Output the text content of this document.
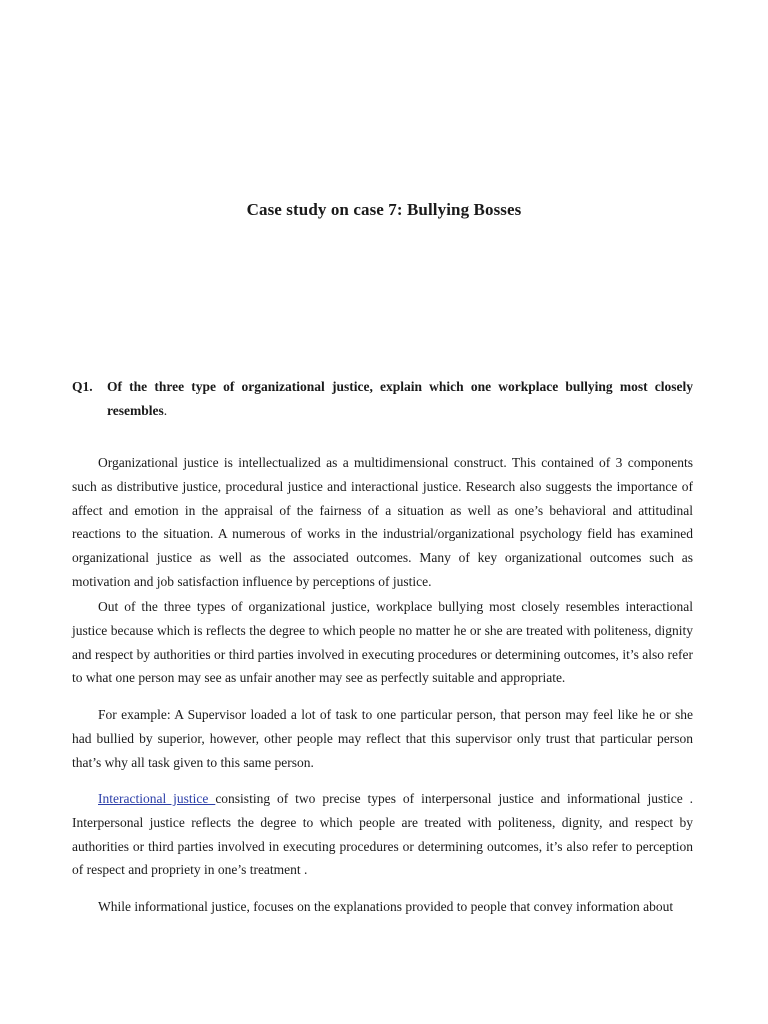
Case study on case 7: Bullying Bosses
Q1.	Of the three type of organizational justice, explain which one workplace bullying most closely resembles.

Organizational justice is intellectualized as a multidimensional construct. This contained of 3 components such as distributive justice, procedural justice and interactional justice. Research also suggests the importance of affect and emotion in the appraisal of the fairness of a situation as well as one’s behavioral and attitudinal reactions to the situation. A numerous of works in the industrial/organizational psychology field has examined organizational justice as well as the associated outcomes. Many of key organizational outcomes such as motivation and job satisfaction influence by perceptions of justice.

Out of the three types of organizational justice, workplace bullying most closely resembles interactional justice because which is reflects the degree to which people no matter he or she are treated with politeness, dignity and respect by authorities or third parties involved in executing procedures or determining outcomes, it’s also refer to what one person may see as unfair another may see as perfectly suitable and appropriate.

For example: A Supervisor loaded a lot of task to one particular person, that person may feel like he or she had bullied by superior, however, other people may reflect that this supervisor only trust that particular person that’s why all task given to this same person.

Interactional justice consisting of two precise types of interpersonal justice and informational justice . Interpersonal justice reflects the degree to which people are treated with politeness, dignity, and respect by authorities or third parties involved in executing procedures or determining outcomes, it’s also refer to perception of respect and propriety in one’s treatment .

While informational justice, focuses on the explanations provided to people that convey information about
